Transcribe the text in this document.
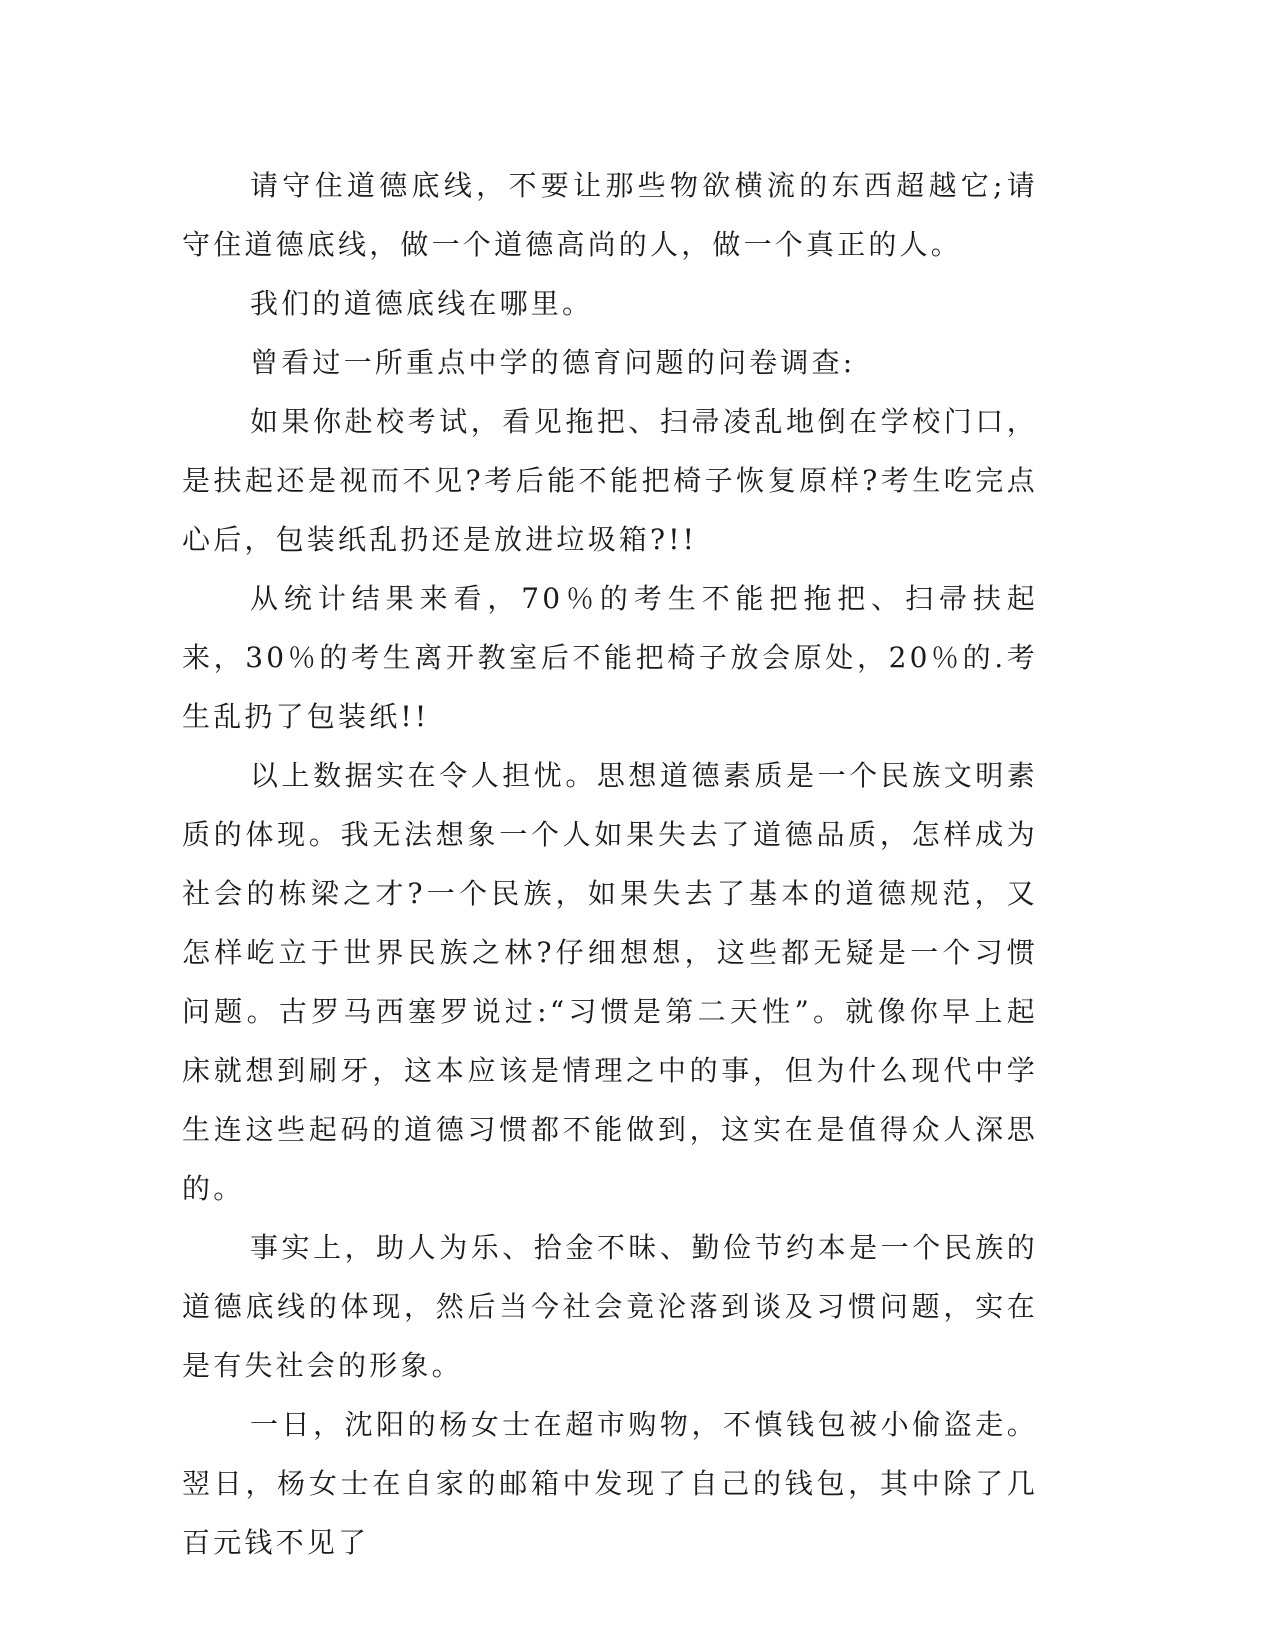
请守住道德底线，不要让那些物欲横流的东西超越它;请守住道德底线，做一个道德高尚的人，做一个真正的人。

我们的道德底线在哪里。

曾看过一所重点中学的德育问题的问卷调查:

如果你赴校考试，看见拖把、扫帚凌乱地倒在学校门口，是扶起还是视而不见?考后能不能把椅子恢复原样?考生吃完点心后，包装纸乱扔还是放进垃圾箱?!!

从统计结果来看，70％的考生不能把拖把、扫帚扶起来，30％的考生离开教室后不能把椅子放会原处，20％的.考生乱扔了包装纸!!

以上数据实在令人担忧。思想道德素质是一个民族文明素质的体现。我无法想象一个人如果失去了道德品质，怎样成为社会的栋梁之才?一个民族，如果失去了基本的道德规范，又怎样屹立于世界民族之林?仔细想想，这些都无疑是一个习惯问题。古罗马西塞罗说过:“习惯是第二天性”。就像你早上起床就想到刷牙，这本应该是情理之中的事，但为什么现代中学生连这些起码的道德习惯都不能做到，这实在是值得众人深思的。

事实上，助人为乐、拾金不昧、勤俭节约本是一个民族的道德底线的体现，然后当今社会竟沦落到谈及习惯问题，实在是有失社会的形象。

一日，沈阳的杨女士在超市购物，不慎钱包被小偷盗走。翌日，杨女士在自家的邮箱中发现了自己的钱包，其中除了几百元钱不见了
